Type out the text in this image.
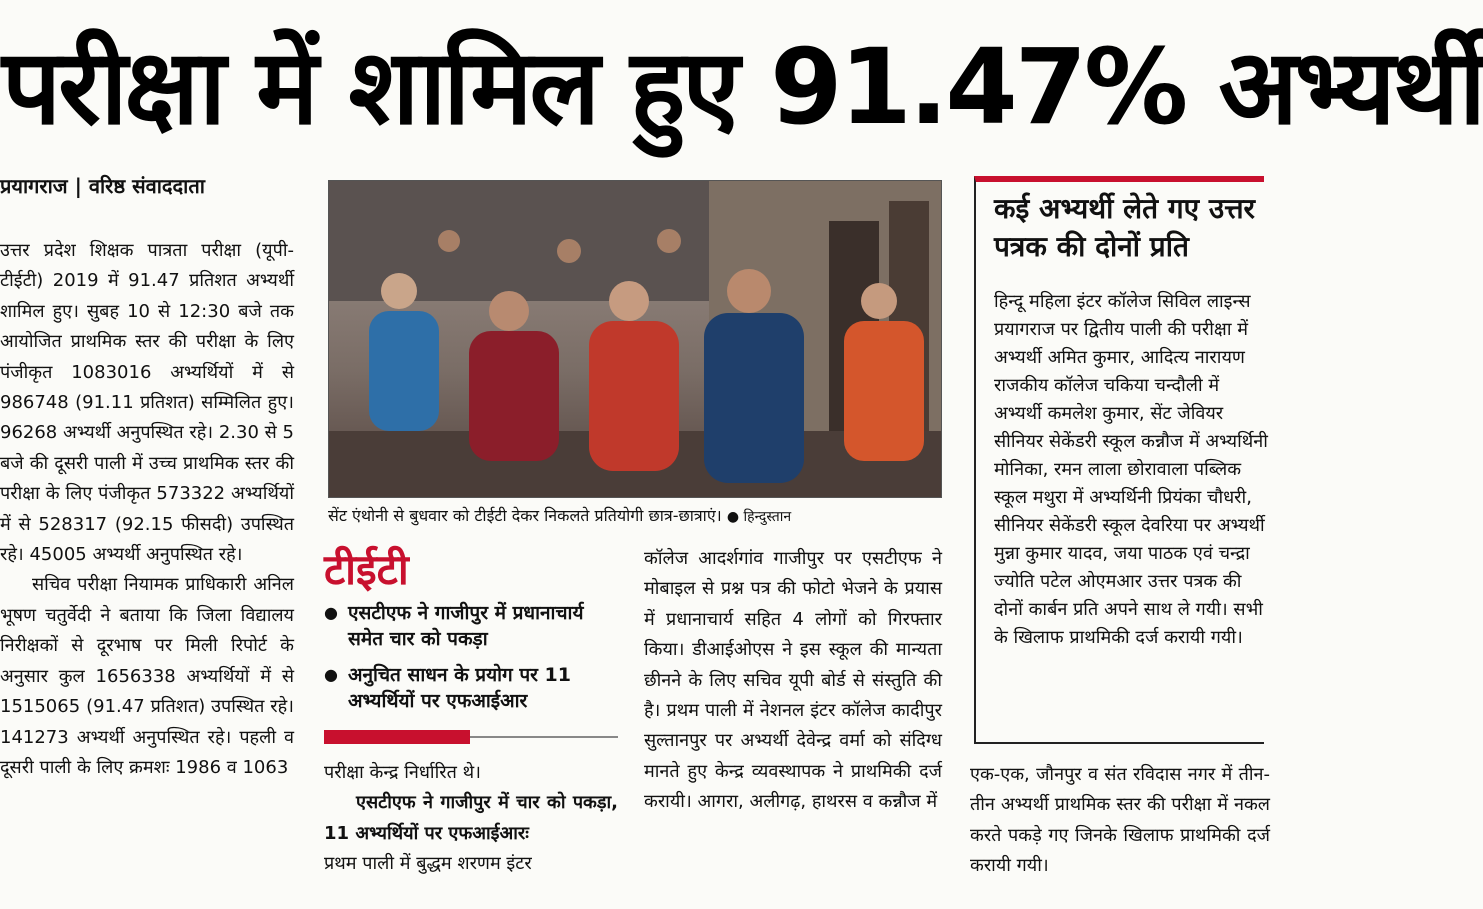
परीक्षा में शामिल हुए 91.47% अभ्यर्थी
प्रयागराज | वरिष्ठ संवाददाता

उत्तर प्रदेश शिक्षक पात्रता परीक्षा (यूपी-टीईटी) 2019 में 91.47 प्रतिशत अभ्यर्थी शामिल हुए। सुबह 10 से 12:30 बजे तक आयोजित प्राथमिक स्तर की परीक्षा के लिए पंजीकृत 1083016 अभ्यर्थियों में से 986748 (91.11 प्रतिशत) सम्मिलित हुए। 96268 अभ्यर्थी अनुपस्थित रहे। 2.30 से 5 बजे की दूसरी पाली में उच्च प्राथमिक स्तर की परीक्षा के लिए पंजीकृत 573322 अभ्यर्थियों में से 528317 (92.15 फीसदी) उपस्थित रहे। 45005 अभ्यर्थी अनुपस्थित रहे।

सचिव परीक्षा नियामक प्राधिकारी अनिल भूषण चतुर्वेदी ने बताया कि जिला विद्यालय निरीक्षकों से दूरभाष पर मिली रिपोर्ट के अनुसार कुल 1656338 अभ्यर्थियों में से 1515065 (91.47 प्रतिशत) उपस्थित रहे। 141273 अभ्यर्थी अनुपस्थित रहे। पहली व दूसरी पाली के लिए क्रमशः 1986 व 1063

सेंट एंथोनी से बुधवार को टीईटी देकर निकलते प्रतियोगी छात्र-छात्राएं। ● हिन्दुस्तान
टीईटी
● एसटीएफ ने गाजीपुर में प्रधानाचार्य समेत चार को पकड़ा
● अनुचित साधन के प्रयोग पर 11 अभ्यर्थियों पर एफआईआर

परीक्षा केन्द्र निर्धारित थे।

एसटीएफ ने गाजीपुर में चार को पकड़ा, 11 अभ्यर्थियों पर एफआईआरः

प्रथम पाली में बुद्धम शरणम इंटर

कॉलेज आदर्शगांव गाजीपुर पर एसटीएफ ने मोबाइल से प्रश्न पत्र की फोटो भेजने के प्रयास में प्रधानाचार्य सहित 4 लोगों को गिरफ्तार किया। डीआईओएस ने इस स्कूल की मान्यता छीनने के लिए सचिव यूपी बोर्ड से संस्तुति की है। प्रथम पाली में नेशनल इंटर कॉलेज कादीपुर सुल्तानपुर पर अभ्यर्थी देवेन्द्र वर्मा को संदिग्ध मानते हुए केन्द्र व्यवस्थापक ने प्राथमिकी दर्ज करायी। आगरा, अलीगढ़, हाथरस व कन्नौज में

कई अभ्यर्थी लेते गए उत्तर पत्रक की दोनों प्रति

हिन्दू महिला इंटर कॉलेज सिविल लाइन्स प्रयागराज पर द्वितीय पाली की परीक्षा में अभ्यर्थी अमित कुमार, आदित्य नारायण राजकीय कॉलेज चकिया चन्दौली में अभ्यर्थी कमलेश कुमार, सेंट जेवियर सीनियर सेकेंडरी स्कूल कन्नौज में अभ्यर्थिनी मोनिका, रमन लाला छोरावाला पब्लिक स्कूल मथुरा में अभ्यर्थिनी प्रियंका चौधरी, सीनियर सेकेंडरी स्कूल देवरिया पर अभ्यर्थी मुन्ना कुमार यादव, जया पाठक एवं चन्द्रा ज्योति पटेल ओएमआर उत्तर पत्रक की दोनों कार्बन प्रति अपने साथ ले गयी। सभी के खिलाफ प्राथमिकी दर्ज करायी गयी।

एक-एक, जौनपुर व संत रविदास नगर में तीन-तीन अभ्यर्थी प्राथमिक स्तर की परीक्षा में नकल करते पकड़े गए जिनके खिलाफ प्राथमिकी दर्ज करायी गयी।
